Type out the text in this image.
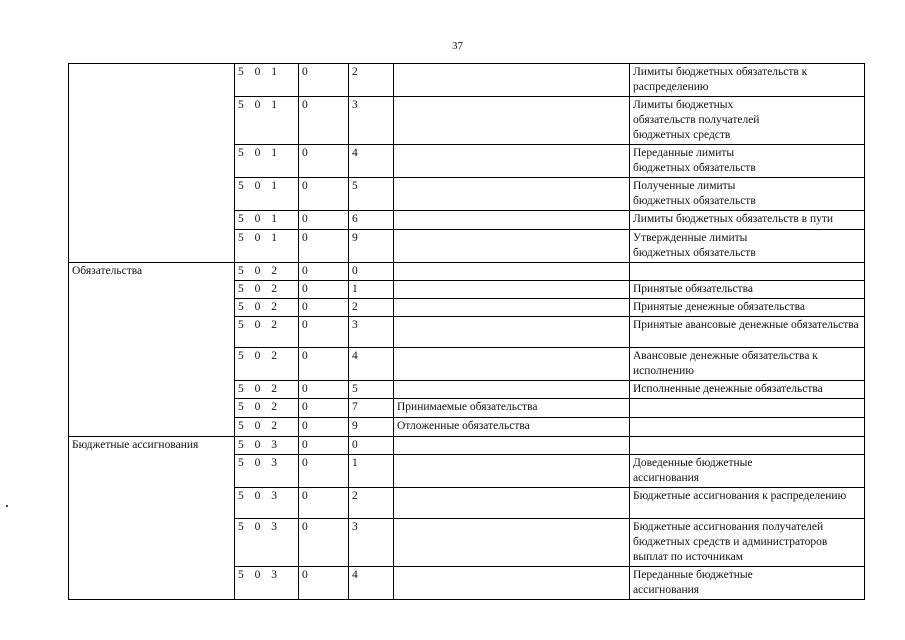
37
	5 0 1	0	2		Лимиты бюджетных обязательств к распределению
	5 0 1	0	3		Лимиты бюджетных
обязательств получателей
бюджетных средств
	5 0 1	0	4		Переданные лимиты
бюджетных обязательств
	5 0 1	0	5		Полученные лимиты
бюджетных обязательств
	5 0 1	0	6		Лимиты бюджетных обязательств в пути
	5 0 1	0	9		Утвержденные лимиты
бюджетных обязательств
Обязательства	5 0 2	0	0		
	5 0 2	0	1		Принятые обязательства
	5 0 2	0	2		Принятые денежные обязательства
	5 0 2	0	3		Принятые авансовые денежные обязательства
	5 0 2	0	4		Авансовые денежные обязательства к исполнению
	5 0 2	0	5		Исполненные денежные обязательства
	5 0 2	0	7	Принимаемые обязательства	
	5 0 2	0	9	Отложенные обязательства	
Бюджетные ассигнования	5 0 3	0	0		
	5 0 3	0	1		Доведенные бюджетные
ассигнования
	5 0 3	0	2		Бюджетные ассигнования к распределению
	5 0 3	0	3		Бюджетные ассигнования получателей бюджетных средств и администраторов выплат по источникам
	5 0 3	0	4		Переданные бюджетные
ассигнования
